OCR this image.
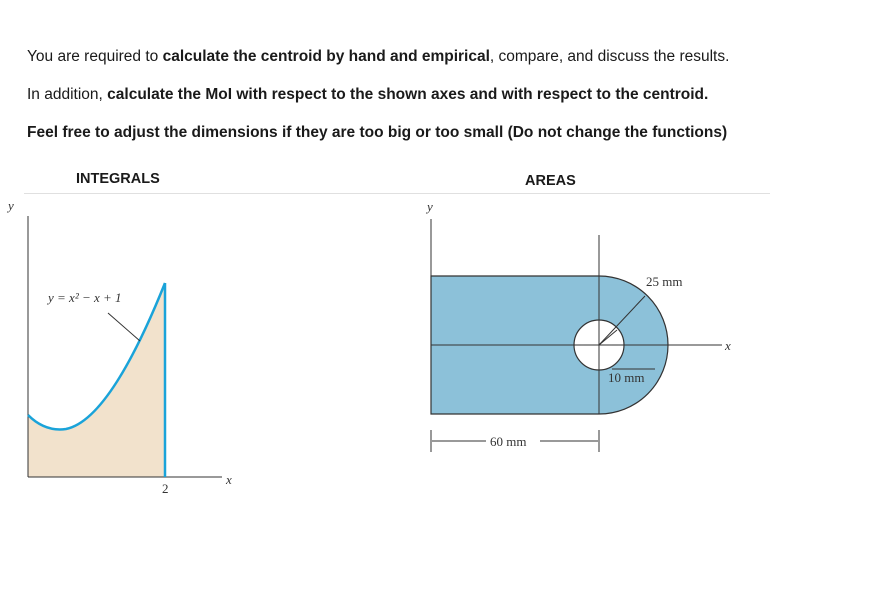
You are required to calculate the centroid by hand and empirical, compare, and discuss the results.
In addition, calculate the MoI with respect to the shown axes and with respect to the centroid.
Feel free to adjust the dimensions if they are too big or too small (Do not change the functions)
INTEGRALS	AREAS
y
y = x² − x + 1
2
x
y
25 mm
10 mm
x
60 mm
